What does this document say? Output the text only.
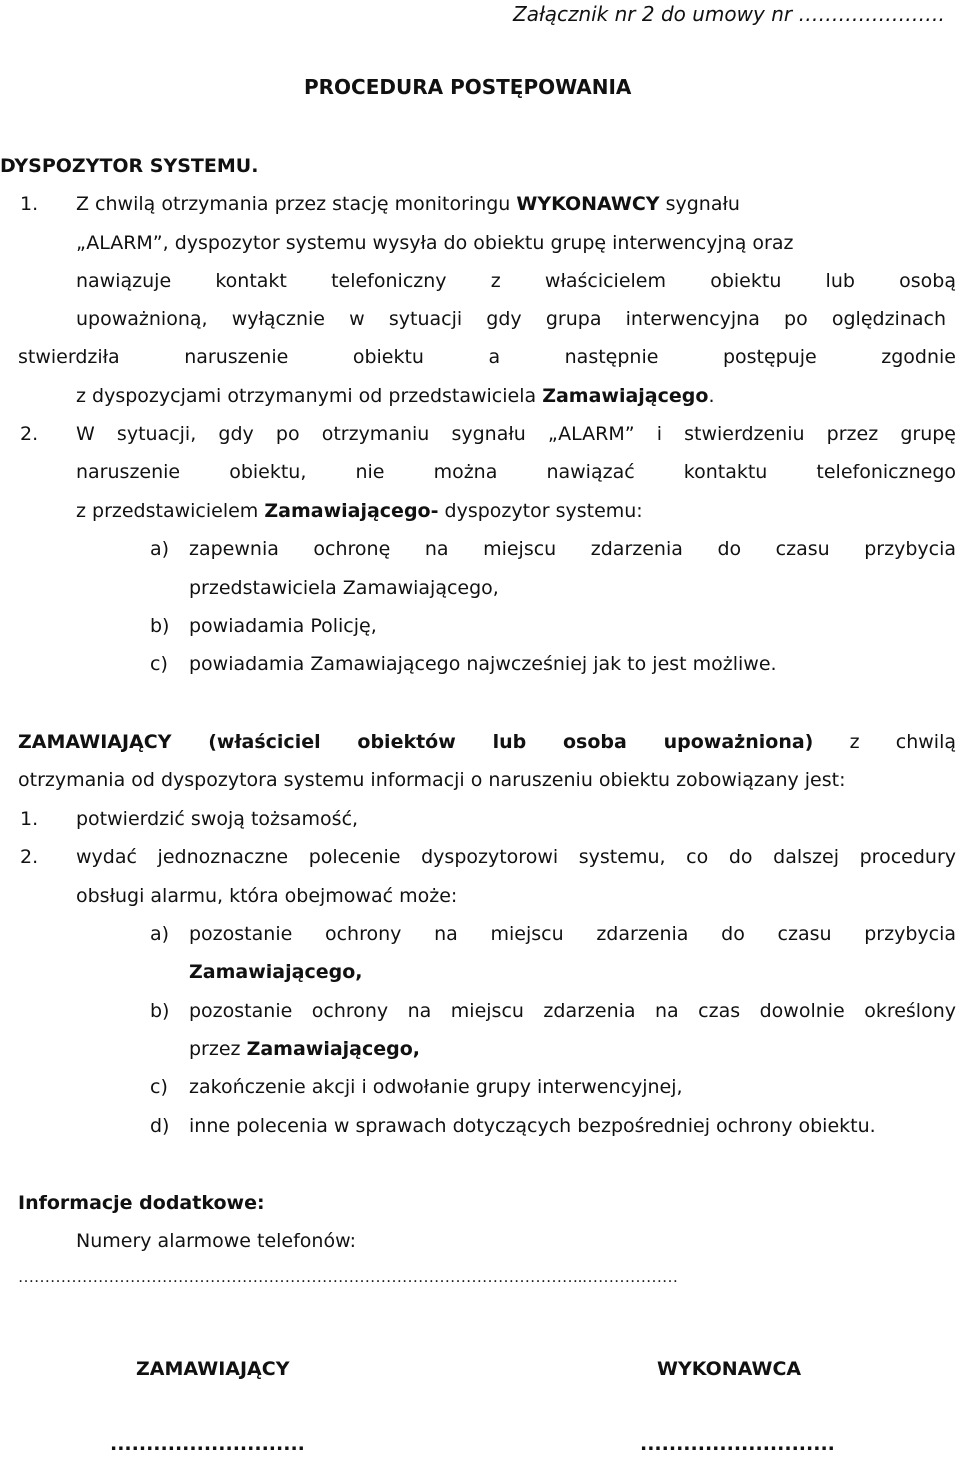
Załącznik nr 2 do umowy nr ………………….
PROCEDURA POSTĘPOWANIA
DYSPOZYTOR SYSTEMU.
1. Z chwilą otrzymania przez stację monitoringu WYKONAWCY sygnału
„ALARM”, dyspozytor systemu wysyła do obiektu grupę interwencyjną oraz
nawiązuje kontakt telefoniczny z właścicielem obiektu lub osobą
upoważnioną, wyłącznie w sytuacji gdy grupa interwencyjna po oględzinach
stwierdziła naruszenie obiektu a następnie postępuje zgodnie
z dyspozycjami otrzymanymi od przedstawiciela Zamawiającego.
2. W sytuacji, gdy po otrzymaniu sygnału „ALARM” i stwierdzeniu przez grupę
naruszenie obiektu, nie można nawiązać kontaktu telefonicznego
z przedstawicielem Zamawiającego- dyspozytor systemu:
a) zapewnia ochronę na miejscu zdarzenia do czasu przybycia
przedstawiciela Zamawiającego,
b) powiadamia Policję,
c) powiadamia Zamawiającego najwcześniej jak to jest możliwe.
ZAMAWIAJĄCY (właściciel obiektów lub osoba upoważniona) z chwilą
otrzymania od dyspozytora systemu informacji o naruszeniu obiektu zobowiązany jest:
1. potwierdzić swoją tożsamość,
2. wydać jednoznaczne polecenie dyspozytorowi systemu, co do dalszej procedury
obsługi alarmu, która obejmować może:
a) pozostanie ochrony na miejscu zdarzenia do czasu przybycia
Zamawiającego,
b) pozostanie ochrony na miejscu zdarzenia na czas dowolnie określony
przez Zamawiającego,
c) zakończenie akcji i odwołanie grupy interwencyjnej,
d) inne polecenia w sprawach dotyczących bezpośredniej ochrony obiektu.
Informacje dodatkowe:
Numery alarmowe telefonów:
…………………………………………………………………………………………….………………
ZAMAWIAJĄCY	WYKONAWCA
...........................	...........................
